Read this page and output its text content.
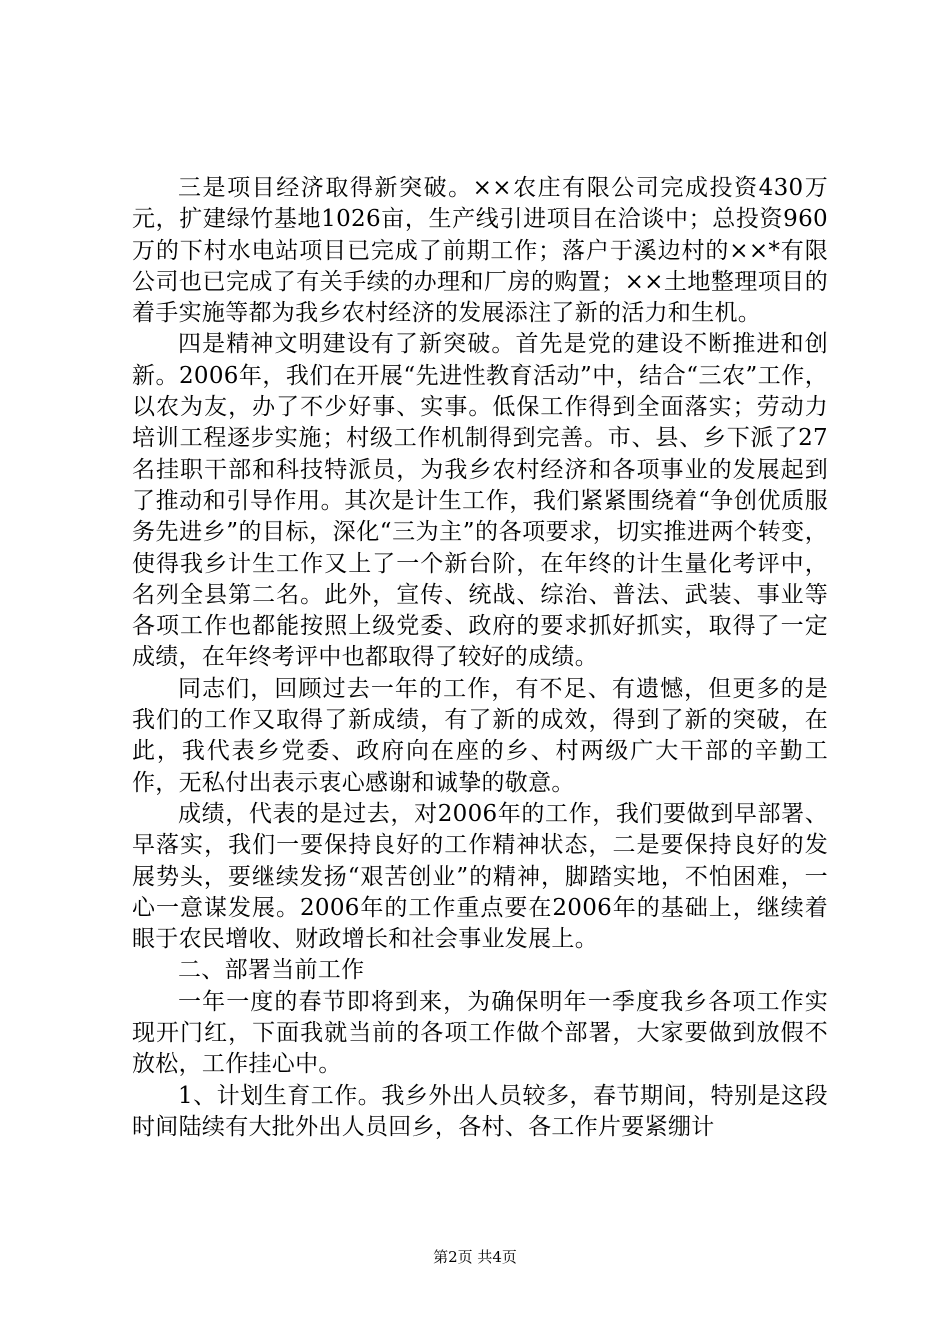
三是项目经济取得新突破。××农庄有限公司完成投资430万元，扩建绿竹基地1026亩，生产线引进项目在洽谈中；总投资960万的下村水电站项目已完成了前期工作；落户于溪边村的××*有限公司也已完成了有关手续的办理和厂房的购置；××土地整理项目的着手实施等都为我乡农村经济的发展添注了新的活力和生机。

四是精神文明建设有了新突破。首先是党的建设不断推进和创新。2006年，我们在开展“先进性教育活动”中，结合“三农”工作，以农为友，办了不少好事、实事。低保工作得到全面落实；劳动力培训工程逐步实施；村级工作机制得到完善。市、县、乡下派了27名挂职干部和科技特派员，为我乡农村经济和各项事业的发展起到了推动和引导作用。其次是计生工作，我们紧紧围绕着“争创优质服务先进乡”的目标，深化“三为主”的各项要求，切实推进两个转变，使得我乡计生工作又上了一个新台阶，在年终的计生量化考评中，名列全县第二名。此外，宣传、统战、综治、普法、武装、事业等各项工作也都能按照上级党委、政府的要求抓好抓实，取得了一定成绩，在年终考评中也都取得了较好的成绩。

同志们，回顾过去一年的工作，有不足、有遗憾，但更多的是我们的工作又取得了新成绩，有了新的成效，得到了新的突破，在此，我代表乡党委、政府向在座的乡、村两级广大干部的辛勤工作，无私付出表示衷心感谢和诚挚的敬意。

成绩，代表的是过去，对2006年的工作，我们要做到早部署、早落实，我们一要保持良好的工作精神状态，二是要保持良好的发展势头，要继续发扬“艰苦创业”的精神，脚踏实地，不怕困难，一心一意谋发展。2006年的工作重点要在2006年的基础上，继续着眼于农民增收、财政增长和社会事业发展上。

二、部署当前工作

一年一度的春节即将到来，为确保明年一季度我乡各项工作实现开门红，下面我就当前的各项工作做个部署，大家要做到放假不放松，工作挂心中。

1、计划生育工作。我乡外出人员较多，春节期间，特别是这段时间陆续有大批外出人员回乡，各村、各工作片要紧绷计

第2页 共4页
